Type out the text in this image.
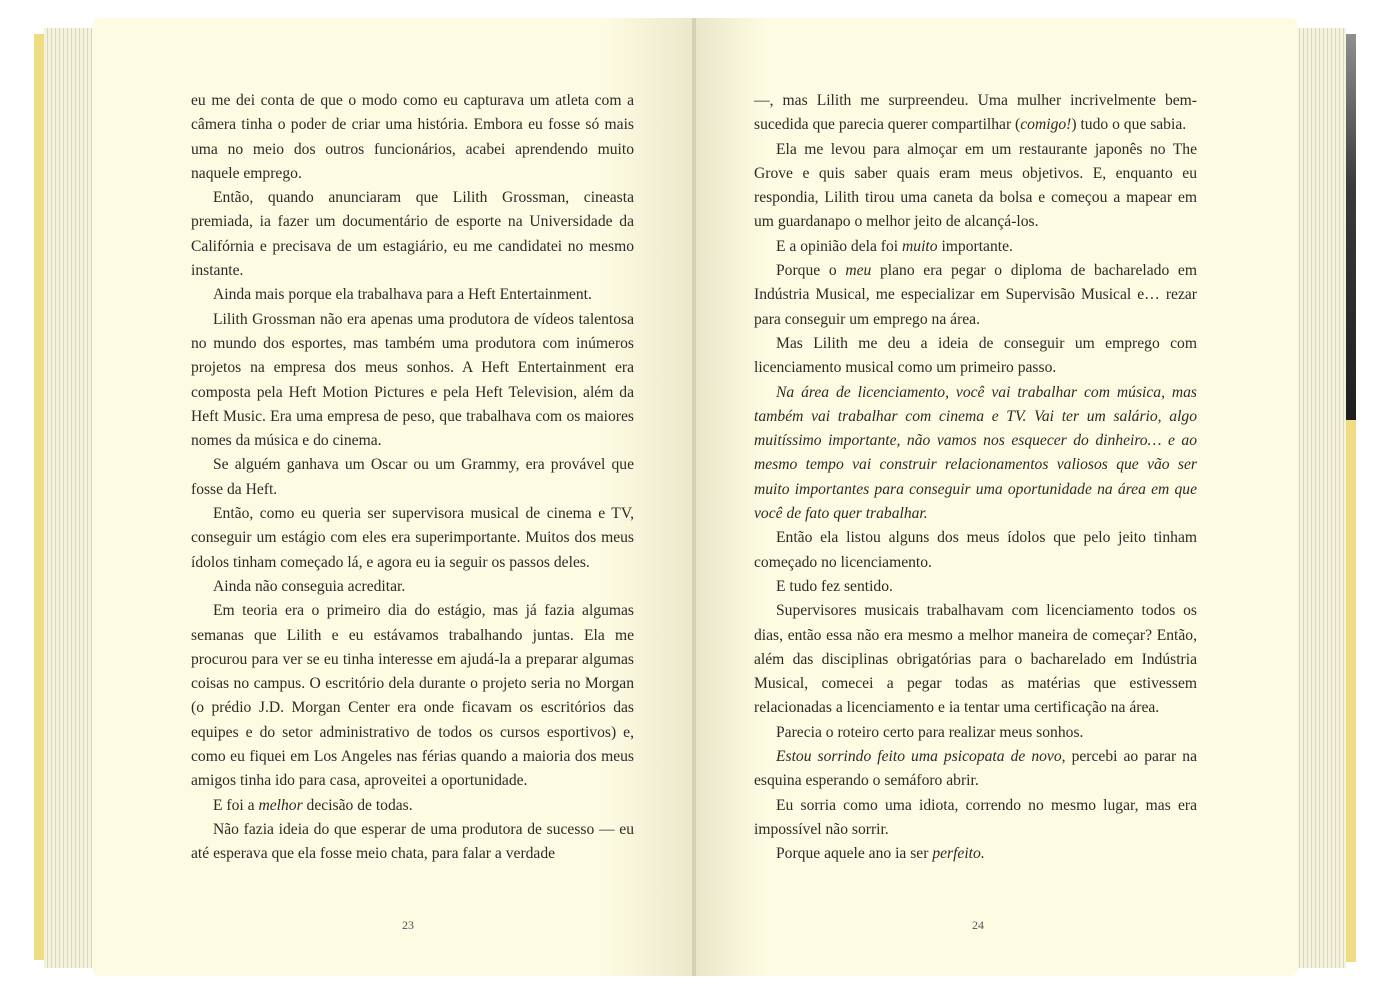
eu me dei conta de que o modo como eu capturava um atleta com a câmera tinha o poder de criar uma história. Embora eu fosse só mais uma no meio dos outros funcionários, acabei aprendendo muito naquele emprego.

Então, quando anunciaram que Lilith Grossman, cineasta premiada, ia fazer um documentário de esporte na Universidade da Califórnia e precisava de um estagiário, eu me candidatei no mesmo instante.

Ainda mais porque ela trabalhava para a Heft Entertainment.

Lilith Grossman não era apenas uma produtora de vídeos talentosa no mundo dos esportes, mas também uma produtora com inúmeros projetos na empresa dos meus sonhos. A Heft Entertainment era composta pela Heft Motion Pictures e pela Heft Television, além da Heft Music. Era uma empresa de peso, que trabalhava com os maiores nomes da música e do cinema.

Se alguém ganhava um Oscar ou um Grammy, era provável que fosse da Heft.

Então, como eu queria ser supervisora musical de cinema e TV, conseguir um estágio com eles era superimportante. Muitos dos meus ídolos tinham começado lá, e agora eu ia seguir os passos deles.

Ainda não conseguia acreditar.

Em teoria era o primeiro dia do estágio, mas já fazia algumas semanas que Lilith e eu estávamos trabalhando juntas. Ela me procurou para ver se eu tinha interesse em ajudá-la a preparar algumas coisas no campus. O escritório dela durante o projeto seria no Morgan (o prédio J.D. Morgan Center era onde ficavam os escritórios das equipes e do setor administrativo de todos os cursos esportivos) e, como eu fiquei em Los Angeles nas férias quando a maioria dos meus amigos tinha ido para casa, aproveitei a oportunidade.

E foi a melhor decisão de todas.

Não fazia ideia do que esperar de uma produtora de sucesso — eu até esperava que ela fosse meio chata, para falar a verdade

—, mas Lilith me surpreendeu. Uma mulher incrivelmente bem-sucedida que parecia querer compartilhar (comigo!) tudo o que sabia.

Ela me levou para almoçar em um restaurante japonês no The Grove e quis saber quais eram meus objetivos. E, enquanto eu respondia, Lilith tirou uma caneta da bolsa e começou a mapear em um guardanapo o melhor jeito de alcançá-los.

E a opinião dela foi muito importante.

Porque o meu plano era pegar o diploma de bacharelado em Indústria Musical, me especializar em Supervisão Musical e… rezar para conseguir um emprego na área.

Mas Lilith me deu a ideia de conseguir um emprego com licenciamento musical como um primeiro passo.

Na área de licenciamento, você vai trabalhar com música, mas também vai trabalhar com cinema e TV. Vai ter um salário, algo muitíssimo importante, não vamos nos esquecer do dinheiro… e ao mesmo tempo vai construir relacionamentos valiosos que vão ser muito importantes para conseguir uma oportunidade na área em que você de fato quer trabalhar.

Então ela listou alguns dos meus ídolos que pelo jeito tinham começado no licenciamento.

E tudo fez sentido.

Supervisores musicais trabalhavam com licenciamento todos os dias, então essa não era mesmo a melhor maneira de começar? Então, além das disciplinas obrigatórias para o bacharelado em Indústria Musical, comecei a pegar todas as matérias que estivessem relacionadas a licenciamento e ia tentar uma certificação na área.

Parecia o roteiro certo para realizar meus sonhos.

Estou sorrindo feito uma psicopata de novo, percebi ao parar na esquina esperando o semáforo abrir.

Eu sorria como uma idiota, correndo no mesmo lugar, mas era impossível não sorrir.

Porque aquele ano ia ser perfeito.

23	24
